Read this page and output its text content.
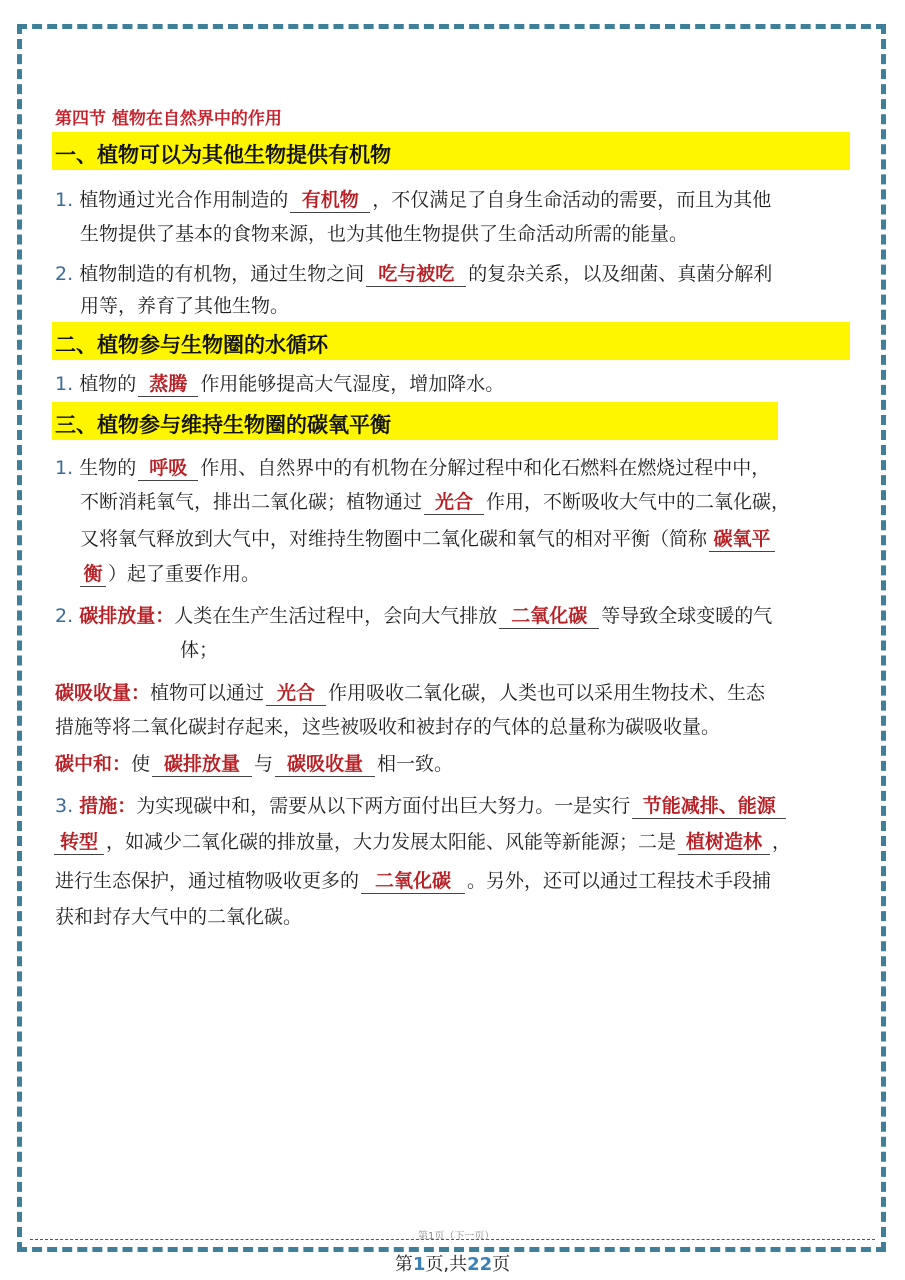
第四节 植物在自然界中的作用
一、植物可以为其他生物提供有机物
1. 植物通过光合作用制造的 有机物 ，不仅满足了自身生命活动的需要，而且为其他
生物提供了基本的食物来源，也为其他生物提供了生命活动所需的能量。
2. 植物制造的有机物，通过生物之间 吃与被吃 的复杂关系，以及细菌、真菌分解利
用等，养育了其他生物。
二、植物参与生物圈的水循环
1. 植物的 蒸腾 作用能够提高大气湿度，增加降水。
三、植物参与维持生物圈的碳氧平衡
1. 生物的 呼吸 作用、自然界中的有机物在分解过程中和化石燃料在燃烧过程中中，
不断消耗氧气，排出二氧化碳；植物通过 光合 作用，不断吸收大气中的二氧化碳，
又将氧气释放到大气中，对维持生物圈中二氧化碳和氧气的相对平衡（简称 碳氧平
衡 ）起了重要作用。
2. 碳排放量：人类在生产生活过程中，会向大气排放 二氧化碳 等导致全球变暖的气
体；
碳吸收量：植物可以通过 光合 作用吸收二氧化碳，人类也可以采用生物技术、生态
措施等将二氧化碳封存起来，这些被吸收和被封存的气体的总量称为碳吸收量。
碳中和：使 碳排放量 与 碳吸收量 相一致。
3. 措施：为实现碳中和，需要从以下两方面付出巨大努力。一是实行 节能减排、能源
转型 ，如减少二氧化碳的排放量，大力发展太阳能、风能等新能源；二是 植树造林 ，
进行生态保护，通过植物吸收更多的 二氧化碳 。另外，还可以通过工程技术手段捕
获和封存大气中的二氧化碳。
第1页（下一页）
第1页,共22页
